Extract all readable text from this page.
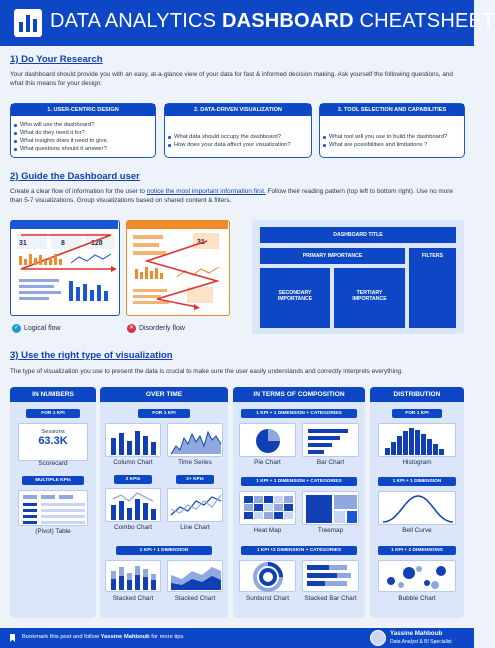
DATA ANALYTICS DASHBOARD CHEATSHEET
1) Do Your Research
Your dashboard should provide you with an easy, at-a-glance view of your data for fast & informed decision making. Ask yourself the following questions, and what this means for your design:
1. USER-CENTRIC DESIGN
Who will use the dashboard?
What do they need it for?
What insights does it need to give.
What questions should it answer?
2. DATA-DRIVEN VISUALIZATION
What data should occupy the dashboard?
How does your data affect your visualization?
3. TOOL SELECTION AND CAPABILITIES
What tool will you use to build the dashboard?
What are possibilities and limitations ?
2) Guide the Dashboard user
Create a clear flow of information for the user to notice the most important information first. Follow their reading pattern (top left to bottom right). Use no more than 5-7 visualizations. Group visualizations based on shared content & filters.
31	8	128
✓ Logical flow
31
✕ Disorderly flow
DASHBOARD TITLE
PRIMARY IMPORTANCE	FILTERS
SECONDARY IMPORTANCE
TERTIARY IMPORTANCE
3) Use the right type of visualization
The type of visualization you use to present the data is crucial to make sure the user easily understands and correctly interprets everything.
IN NUMBERS
FOR 1 KPI
Sessions
63.3K
Scorecard
MULTIPLE KPIs
(Pivot) Table
OVER TIME
FOR 1 KPI
Column Chart	Time Series
2 KPIs	2+ KPIs
Combo Chart	Line Chart
1 KPI + 1 DIMENSION
Stacked Chart	Stacked Chart
IN TERMS OF COMPOSITION
1 KPI + 1 DIMENSION + CATEGORIES
Pie Chart	Bar Chart
1 KPI + 1 DIMENSION + CATEGORIES
Heat Map	Treemap
1 KPI +2 DIMENSION + CATEGORIES
Sunburst Chart	Stacked Bar Chart
DISTRIBUTION
FOR 1 KPI
Histogram
1 KPI + 1 DIMENSION
Bell Curve
1 KPI + 2 DIMENSIONS
Bubble Chart
Bookmark this post and follow Yassine Mahboub for more tips	Yassine Mahboub
Data Analyst & BI Specialist
